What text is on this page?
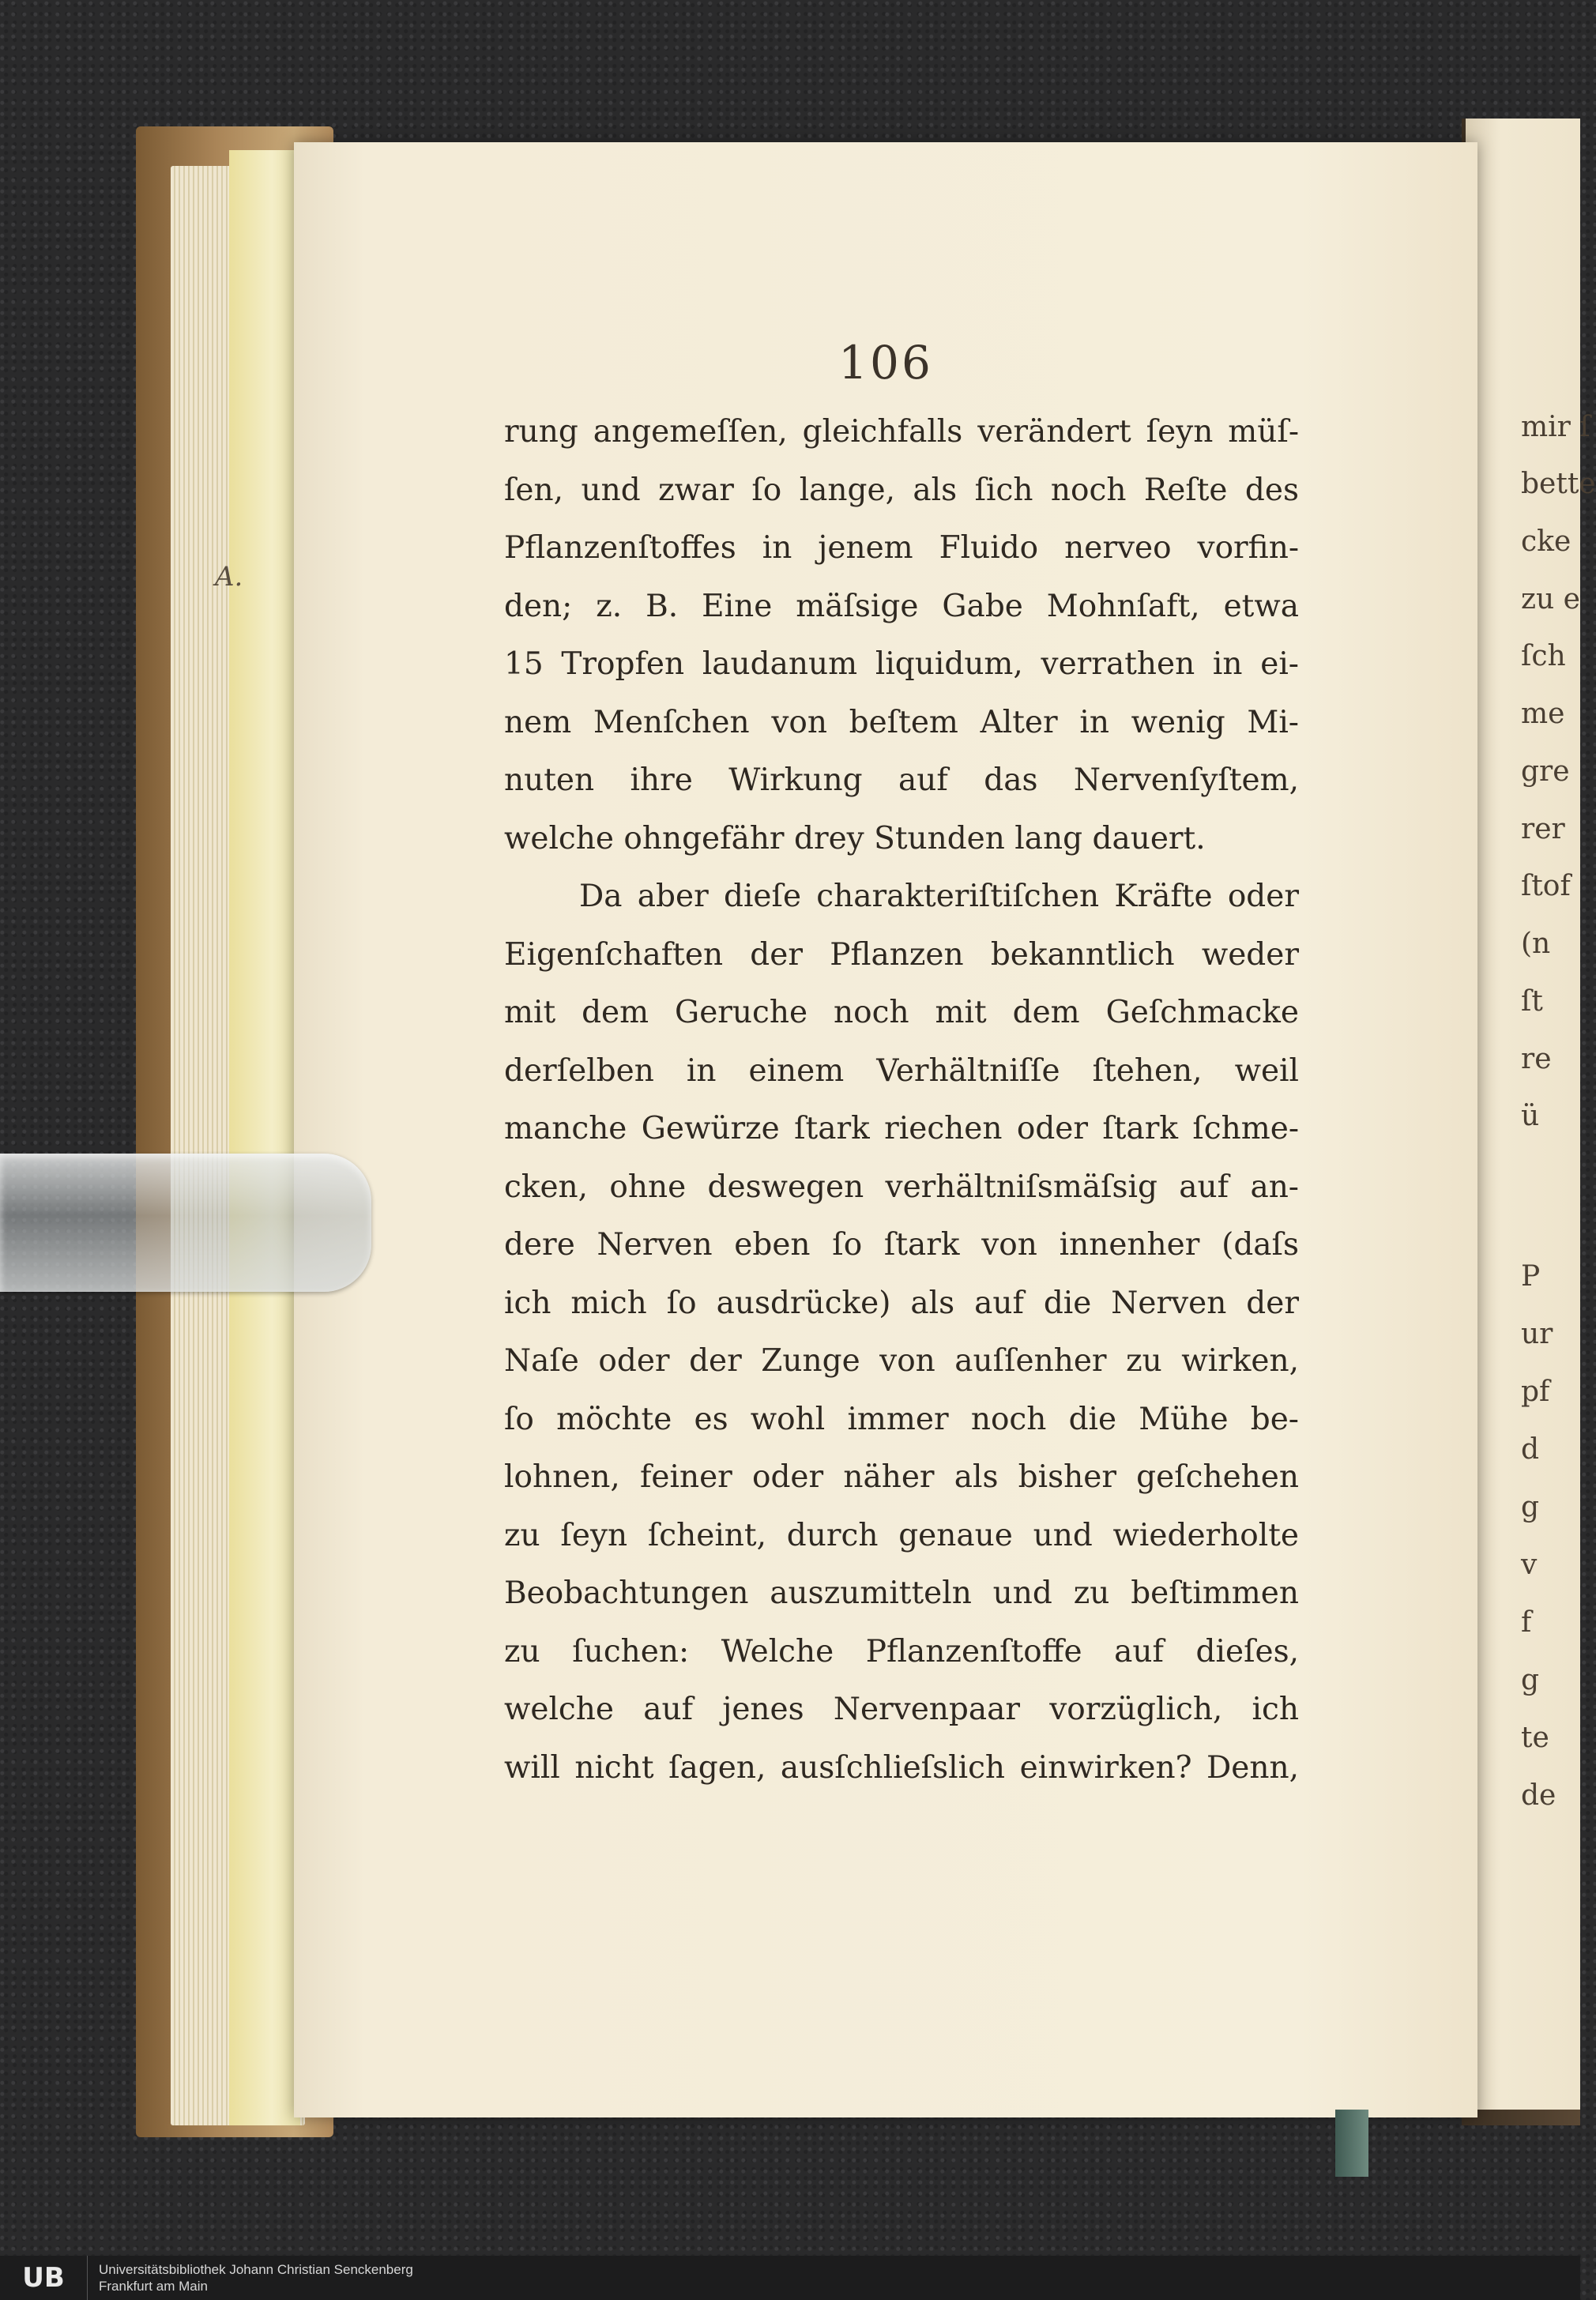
mir ſ
bette
cke
zu e
ſch
me
gre
rer
ſtof
(n
ſt
re
ü
P
ur
pf
d
g
v
f
g
te
de
106
rung angemeſſen, gleichfalls verändert ſeyn müſ-
ſen, und zwar ſo lange, als ſich noch Reſte des
Pflanzenſtoffes in jenem Fluido nerveo vorfin-
den; z. B. Eine mäſsige Gabe Mohnſaft, etwa
15 Tropfen laudanum liquidum, verrathen in ei-
nem Menſchen von beſtem Alter in wenig Mi-
nuten ihre Wirkung auf das Nervenſyſtem,
welche ohngefähr drey Stunden lang dauert.
Da aber dieſe charakteriſtiſchen Kräfte oder
Eigenſchaften der Pflanzen bekanntlich weder
mit dem Geruche noch mit dem Geſchmacke
derſelben in einem Verhältniſſe ſtehen, weil
manche Gewürze ſtark riechen oder ſtark ſchme-
cken, ohne deswegen verhältniſsmäſsig auf an-
dere Nerven eben ſo ſtark von innenher (daſs
ich mich ſo ausdrücke) als auf die Nerven der
Naſe oder der Zunge von auſſenher zu wirken,
ſo möchte es wohl immer noch die Mühe be-
lohnen, feiner oder näher als bisher geſchehen
zu ſeyn ſcheint, durch genaue und wiederholte
Beobachtungen auszumitteln und zu beſtimmen
zu ſuchen: Welche Pflanzenſtoffe auf dieſes,
welche auf jenes Nervenpaar vorzüglich, ich
will nicht ſagen, ausſchlieſslich einwirken? Denn,
A.
UB	Universitätsbibliothek Johann Christian Senckenberg
Frankfurt am Main
